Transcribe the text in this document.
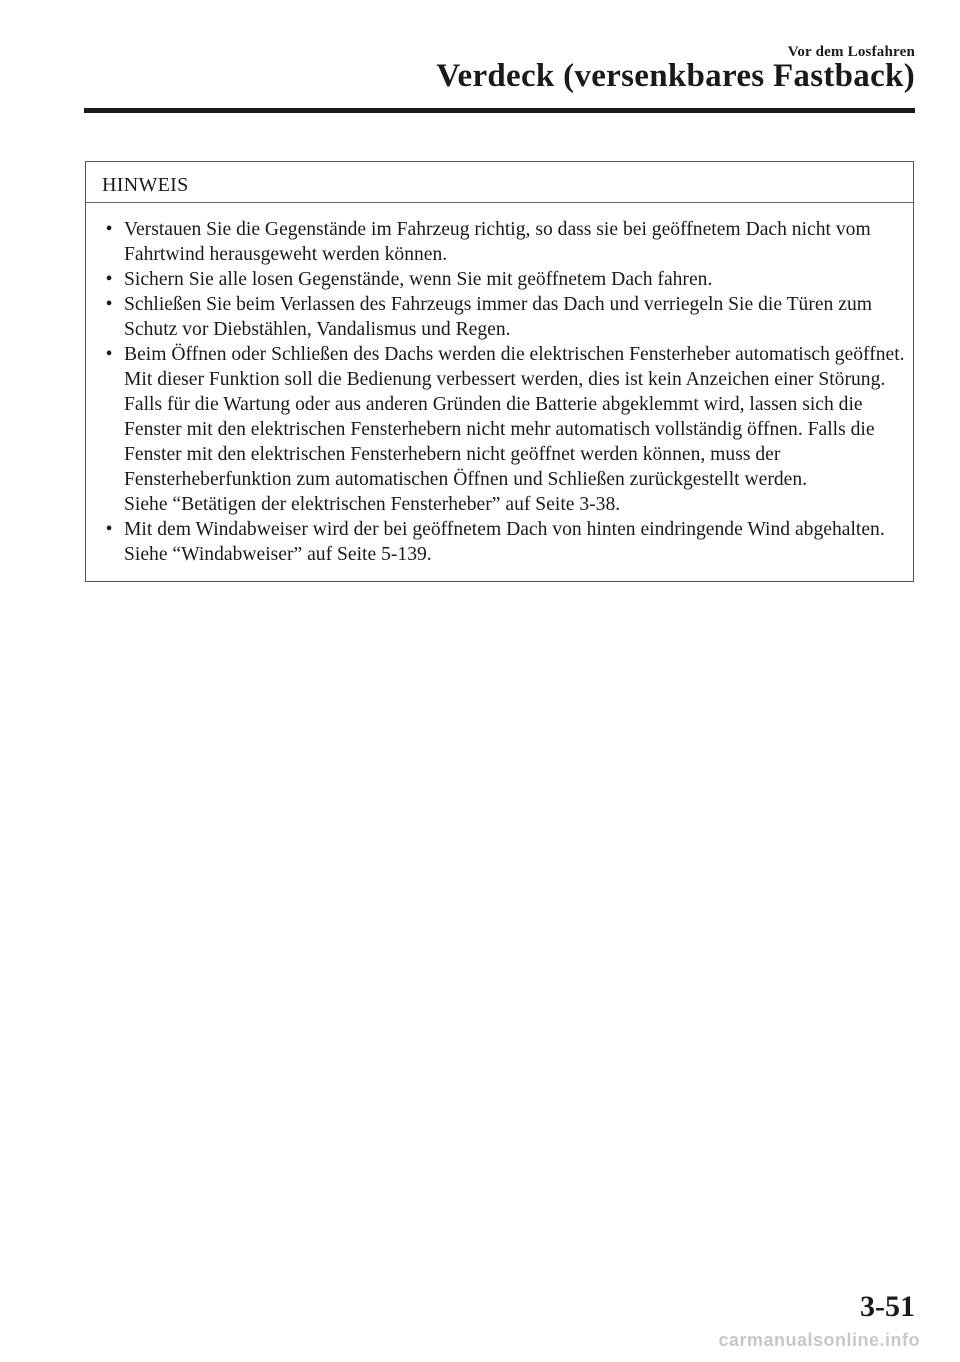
Vor dem Losfahren
Verdeck (versenkbares Fastback)
HINWEIS
• Verstauen Sie die Gegenstände im Fahrzeug richtig, so dass sie bei geöffnetem Dach nicht vom Fahrtwind herausgeweht werden können.
• Sichern Sie alle losen Gegenstände, wenn Sie mit geöffnetem Dach fahren.
• Schließen Sie beim Verlassen des Fahrzeugs immer das Dach und verriegeln Sie die Türen zum Schutz vor Diebstählen, Vandalismus und Regen.
• Beim Öffnen oder Schließen des Dachs werden die elektrischen Fensterheber automatisch geöffnet. Mit dieser Funktion soll die Bedienung verbessert werden, dies ist kein Anzeichen einer Störung.
Falls für die Wartung oder aus anderen Gründen die Batterie abgeklemmt wird, lassen sich die Fenster mit den elektrischen Fensterhebern nicht mehr automatisch vollständig öffnen. Falls die Fenster mit den elektrischen Fensterhebern nicht geöffnet werden können, muss der Fensterheberfunktion zum automatischen Öffnen und Schließen zurückgestellt werden.
Siehe “Betätigen der elektrischen Fensterheber” auf Seite 3-38.
• Mit dem Windabweiser wird der bei geöffnetem Dach von hinten eindringende Wind abgehalten.
Siehe “Windabweiser” auf Seite 5-139.
3-51
carmanualsonline.info
